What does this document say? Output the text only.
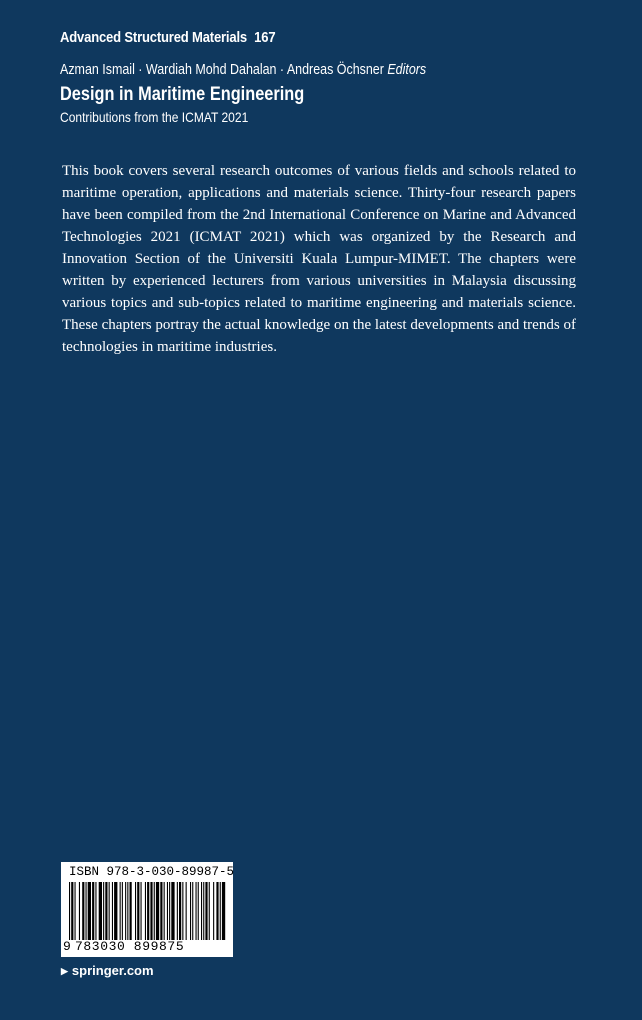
Advanced Structured Materials 167
Azman Ismail · Wardiah Mohd Dahalan · Andreas Öchsner Editors
Design in Maritime Engineering
Contributions from the ICMAT 2021

This book covers several research outcomes of various fields and schools related to maritime operation, applications and materials science. Thirty-four research papers have been compiled from the 2nd International Conference on Marine and Advanced Technologies 2021 (ICMAT 2021) which was organized by the Research and Innovation Section of the Universiti Kuala Lumpur-MIMET. The chapters were written by experienced lecturers from various universities in Malaysia discussing various topics and sub-topics related to maritime engineering and materials science. These chapters portray the actual knowledge on the latest developments and trends of technologies in maritime industries.

ISBN 978-3-030-89987-5
9 783030 899875
▶ springer.com
